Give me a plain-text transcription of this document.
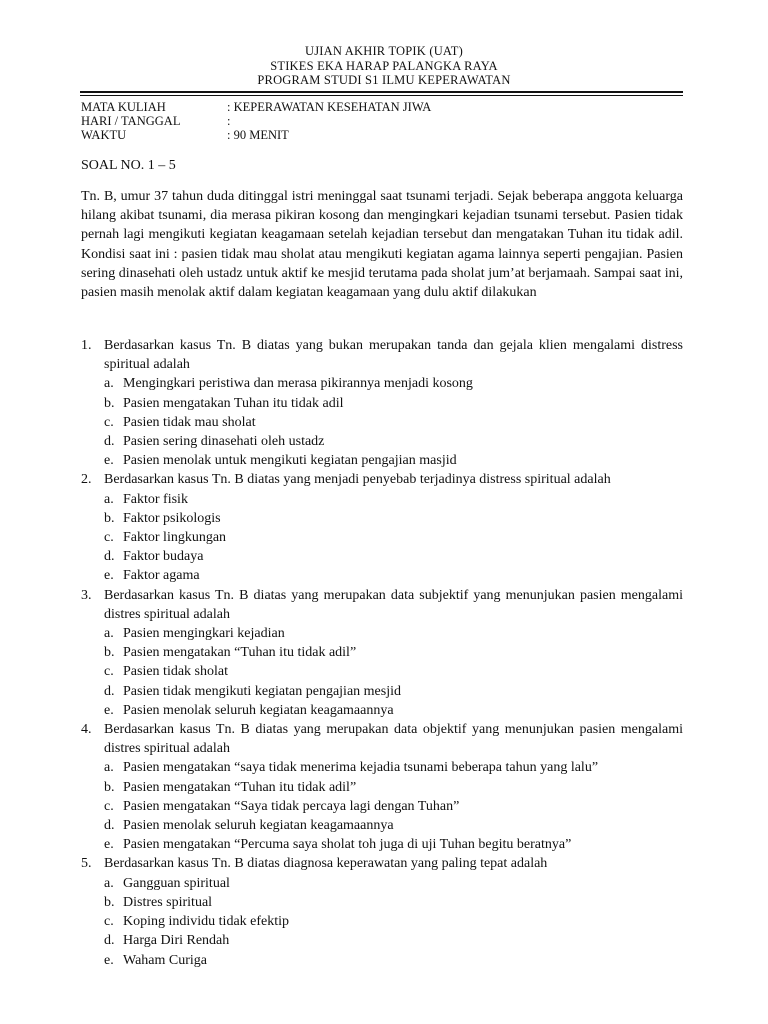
UJIAN AKHIR TOPIK (UAT)
STIKES EKA HARAP PALANGKA RAYA
PROGRAM STUDI S1 ILMU KEPERAWATAN
MATA KULIAH	: KEPERAWATAN KESEHATAN JIWA
HARI / TANGGAL	:
WAKTU	: 90 MENIT
SOAL NO. 1 – 5
Tn. B, umur 37 tahun duda ditinggal istri meninggal saat tsunami terjadi. Sejak beberapa anggota keluarga hilang akibat tsunami, dia merasa pikiran kosong dan mengingkari kejadian tsunami tersebut. Pasien tidak pernah lagi mengikuti kegiatan keagamaan setelah kejadian tersebut dan mengatakan Tuhan itu tidak adil. Kondisi saat ini : pasien tidak mau sholat atau mengikuti kegiatan agama lainnya seperti pengajian. Pasien sering dinasehati oleh ustadz untuk aktif ke mesjid terutama pada sholat jum’at berjamaah. Sampai saat ini, pasien masih menolak aktif dalam kegiatan keagamaan yang dulu aktif dilakukan
1. Berdasarkan kasus Tn. B diatas yang bukan merupakan tanda dan gejala klien mengalami distress spiritual adalah
a. Mengingkari peristiwa dan merasa pikirannya menjadi kosong
b. Pasien mengatakan Tuhan itu tidak adil
c. Pasien tidak mau sholat
d. Pasien sering dinasehati oleh ustadz
e. Pasien menolak untuk mengikuti kegiatan pengajian masjid
2. Berdasarkan kasus Tn. B diatas yang menjadi penyebab terjadinya distress spiritual adalah
a. Faktor fisik
b. Faktor psikologis
c. Faktor lingkungan
d. Faktor budaya
e. Faktor agama
3. Berdasarkan kasus Tn. B diatas yang merupakan data subjektif yang menunjukan pasien mengalami distres spiritual adalah
a. Pasien mengingkari kejadian
b. Pasien mengatakan “Tuhan itu tidak adil”
c. Pasien tidak sholat
d. Pasien tidak mengikuti kegiatan pengajian mesjid
e. Pasien menolak seluruh kegiatan keagamaannya
4. Berdasarkan kasus Tn. B diatas yang merupakan data objektif yang menunjukan pasien mengalami distres spiritual adalah
a. Pasien mengatakan “saya tidak menerima kejadia tsunami beberapa tahun yang lalu”
b. Pasien mengatakan “Tuhan itu tidak adil”
c. Pasien mengatakan “Saya tidak percaya lagi dengan Tuhan”
d. Pasien menolak seluruh kegiatan keagamaannya
e. Pasien mengatakan “Percuma saya sholat toh juga di uji Tuhan begitu beratnya”
5. Berdasarkan kasus Tn. B diatas diagnosa keperawatan yang paling tepat adalah
a. Gangguan spiritual
b. Distres spiritual
c. Koping individu tidak efektip
d. Harga Diri Rendah
e. Waham Curiga
